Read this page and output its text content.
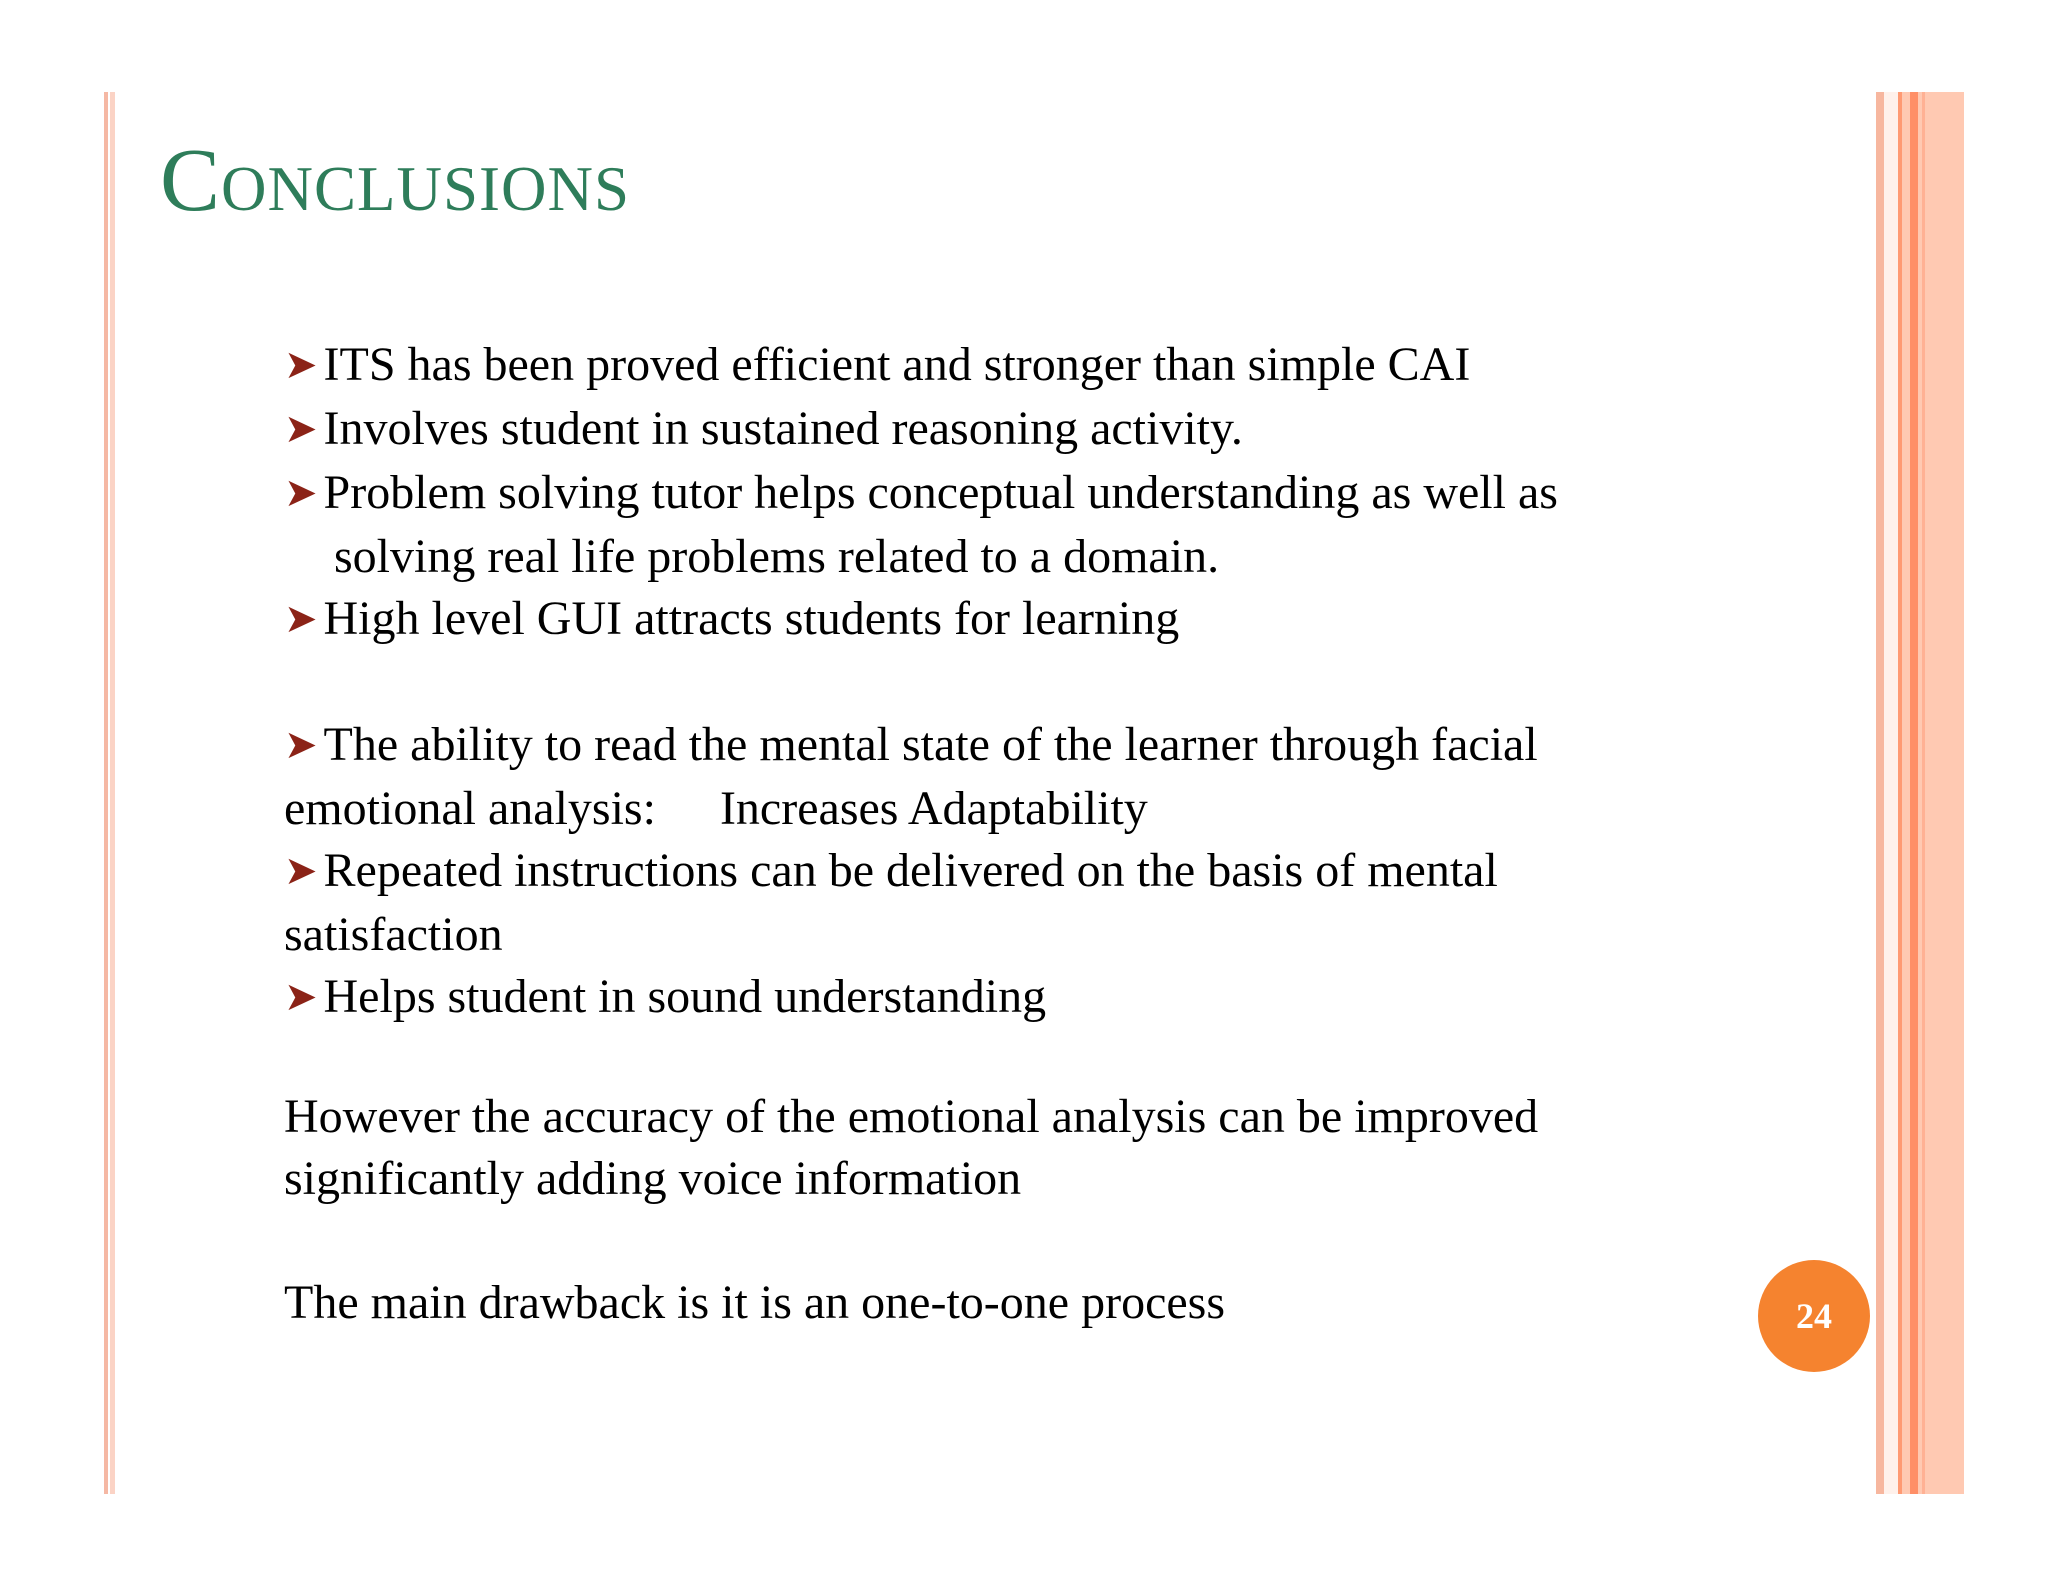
Conclusions
➤ ITS has been proved efficient and stronger than simple CAI
➤ Involves student in sustained reasoning activity.
➤ Problem solving tutor helps conceptual understanding as well as
solving real life problems related to a domain.
➤ High level GUI attracts students for learning
➤ The ability to read the mental state of the learner through facial
emotional analysis: Increases Adaptability
➤ Repeated instructions can be delivered on the basis of mental
satisfaction
➤ Helps student in sound understanding
However the accuracy of the emotional analysis can be improved
significantly adding voice information
The main drawback is it is an one-to-one process	24
